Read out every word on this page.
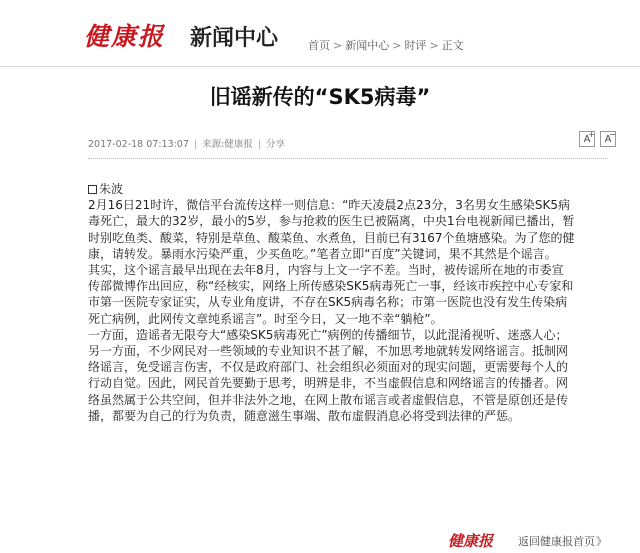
健康报 新闻中心	首页 > 新闻中心 > 时评 > 正文
旧谣新传的“SK5病毒”
2017-02-18 07:13:07 | 来源:健康报 | 分享	A
+ A
−

朱波

2月16日21时许，微信平台流传这样一则信息：“昨天凌晨2点23分，3名男女生感染SK5病毒死亡，最大的32岁，最小的5岁，参与抢救的医生已被隔离，中央1台电视新闻已播出，暂时别吃鱼类、酸菜，特别是草鱼、酸菜鱼、水煮鱼，目前已有3167个鱼塘感染。为了您的健康，请转发。暴雨水污染严重，少买鱼吃。”笔者立即“百度”关键词，果不其然是个谣言。

其实，这个谣言最早出现在去年8月，内容与上文一字不差。当时，被传谣所在地的市委宣传部微博作出回应，称“经核实，网络上所传感染SK5病毒死亡一事，经该市疾控中心专家和市第一医院专家证实，从专业角度讲，不存在SK5病毒名称；市第一医院也没有发生传染病死亡病例，此网传文章纯系谣言”。时至今日，又一地不幸“躺枪”。

一方面，造谣者无限夸大“感染SK5病毒死亡”病例的传播细节，以此混淆视听、迷惑人心；另一方面，不少网民对一些领域的专业知识不甚了解，不加思考地就转发网络谣言。抵制网络谣言，免受谣言伤害，不仅是政府部门、社会组织必须面对的现实问题，更需要每个人的行动自觉。因此，网民首先要勤于思考，明辨是非，不当虚假信息和网络谣言的传播者。网络虽然属于公共空间，但并非法外之地，在网上散布谣言或者虚假信息，不管是原创还是传播，都要为自己的行为负责，随意滋生事端、散布虚假消息必将受到法律的严惩。

健康报 返回健康报首页》
